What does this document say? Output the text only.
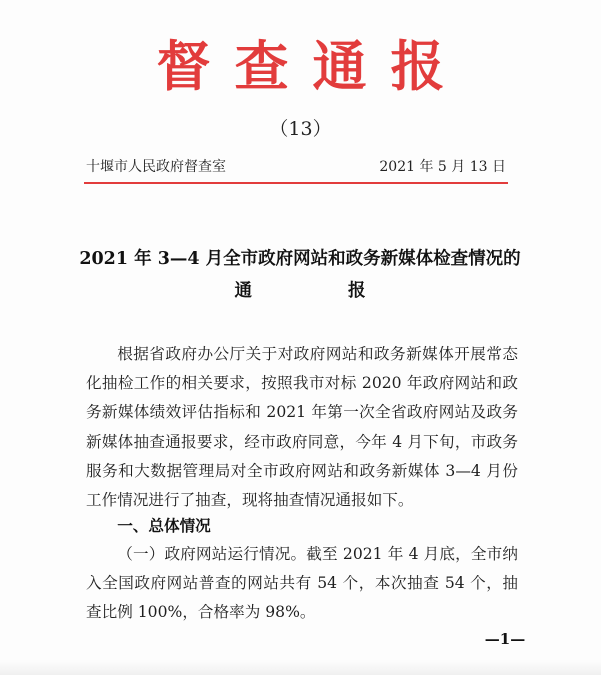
督查通报
（13）
十堰市人民政府督查室	2021 年 5 月 13 日
2021 年 3—4 月全市政府网站和政务新媒体检查情况的
通报

根据省政府办公厅关于对政府网站和政务新媒体开展常态化抽检工作的相关要求，按照我市对标 2020 年政府网站和政务新媒体绩效评估指标和 2021 年第一次全省政府网站及政务新媒体抽查通报要求，经市政府同意，今年 4 月下旬，市政务服务和大数据管理局对全市政府网站和政务新媒体 3—4 月份工作情况进行了抽查，现将抽查情况通报如下。

一、总体情况

（一）政府网站运行情况。截至 2021 年 4 月底，全市纳入全国政府网站普查的网站共有 54 个，本次抽查 54 个，抽查比例 100%，合格率为 98%。

—1—
